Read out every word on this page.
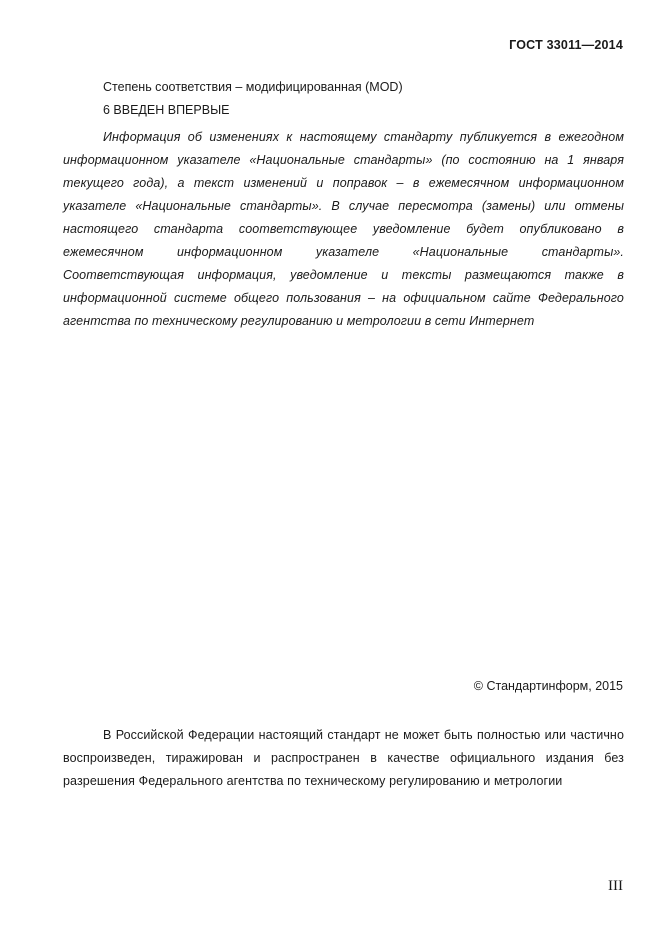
ГОСТ 33011—2014
Степень соответствия – модифицированная (MOD)
6 ВВЕДЕН ВПЕРВЫЕ
Информация об изменениях к настоящему стандарту публикуется в ежегодном информационном указателе «Национальные стандарты» (по состоянию на 1 января текущего года), а текст изменений и поправок – в ежемесячном информационном указателе «Национальные стандарты». В случае пересмотра (замены) или отмены настоящего стандарта соответствующее уведомление будет опубликовано в ежемесячном информационном указателе «Национальные стандарты». Соответствующая информация, уведомление и тексты размещаются также в информационной системе общего пользования – на официальном сайте Федерального агентства по техническому регулированию и метрологии в сети Интернет
© Стандартинформ, 2015
В Российской Федерации настоящий стандарт не может быть полностью или частично воспроизведен, тиражирован и распространен в качестве официального издания без разрешения Федерального агентства по техническому регулированию и метрологии
III
